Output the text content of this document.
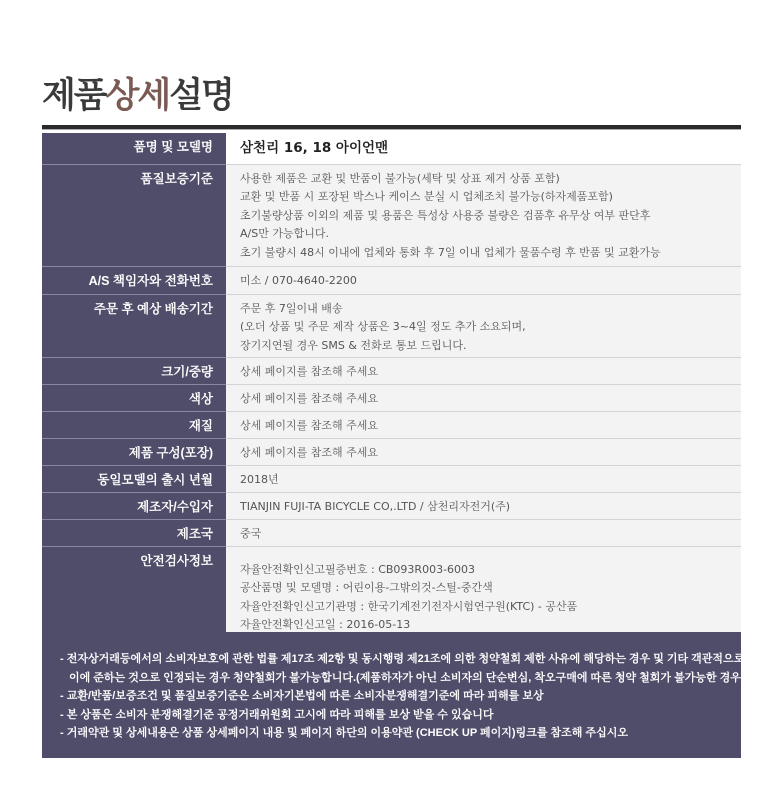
제품상세설명
품명 및 모델명	삼천리 16, 18 아이언맨

품질보증기준	사용한 제품은 교환 및 반품이 불가능(세탁 및 상표 제거 상품 포함)
교환 및 반품 시 포장된 박스나 케이스 분실 시 업체조치 불가능(하자제품포함)
초기불량상품 이외의 제품 및 용품은 특성상 사용중 불량은 검품후 유무상 여부 판단후
A/S만 가능합니다.
초기 불량시 48시 이내에 업체와 통화 후 7일 이내 업체가 물품수령 후 반품 및 교환가능

A/S 책임자와 전화번호	미소 / 070-4640-2200

주문 후 예상 배송기간	주문 후 7일이내 배송
(오더 상품 및 주문 제작 상품은 3~4일 정도 추가 소요되며,
장기지연될 경우 SMS & 전화로 통보 드립니다.

크기/중량	상세 페이지를 참조해 주세요

색상	상세 페이지를 참조해 주세요

재질	상세 페이지를 참조해 주세요

제품 구성(포장)	상세 페이지를 참조해 주세요

동일모델의 출시 년월	2018년

제조자/수입자	TIANJIN FUJI-TA BICYCLE CO,.LTD / 삼천리자전거(주)

제조국	중국

안전검사정보	자율안전확인신고필증번호 : CB093R003-6003
공산품명 및 모델명 : 어린이용-그밖의것-스틸-중간색
자율안전확인신고기관명 : 한국기계전기전자시험연구원(KTC) - 공산품
자율안전확인신고일 : 2016-05-13
- 전자상거래등에서의 소비자보호에 관한 법률 제17조 제2항 및 동시행령 제21조에 의한 청약철회 제한 사유에 해당하는 경우 및 기타 객관적으로
이에 준하는 것으로 인정되는 경우 청약철회가 불가능합니다.(제품하자가 아닌 소비자의 단순변심, 착오구매에 따른 청약 철회가 불가능한 경우)
- 교환/반품/보증조건 및 품질보증기준은 소비자기본법에 따른 소비자분쟁해결기준에 따라 피해를 보상
- 본 상품은 소비자 분쟁해결기준 공정거래위원회 고시에 따라 피해를 보상 받을 수 있습니다
- 거래약관 및 상세내용은 상품 상세페이지 내용 및 페이지 하단의 이용약관 (CHECK UP 페이지)링크를 참조해 주십시오
